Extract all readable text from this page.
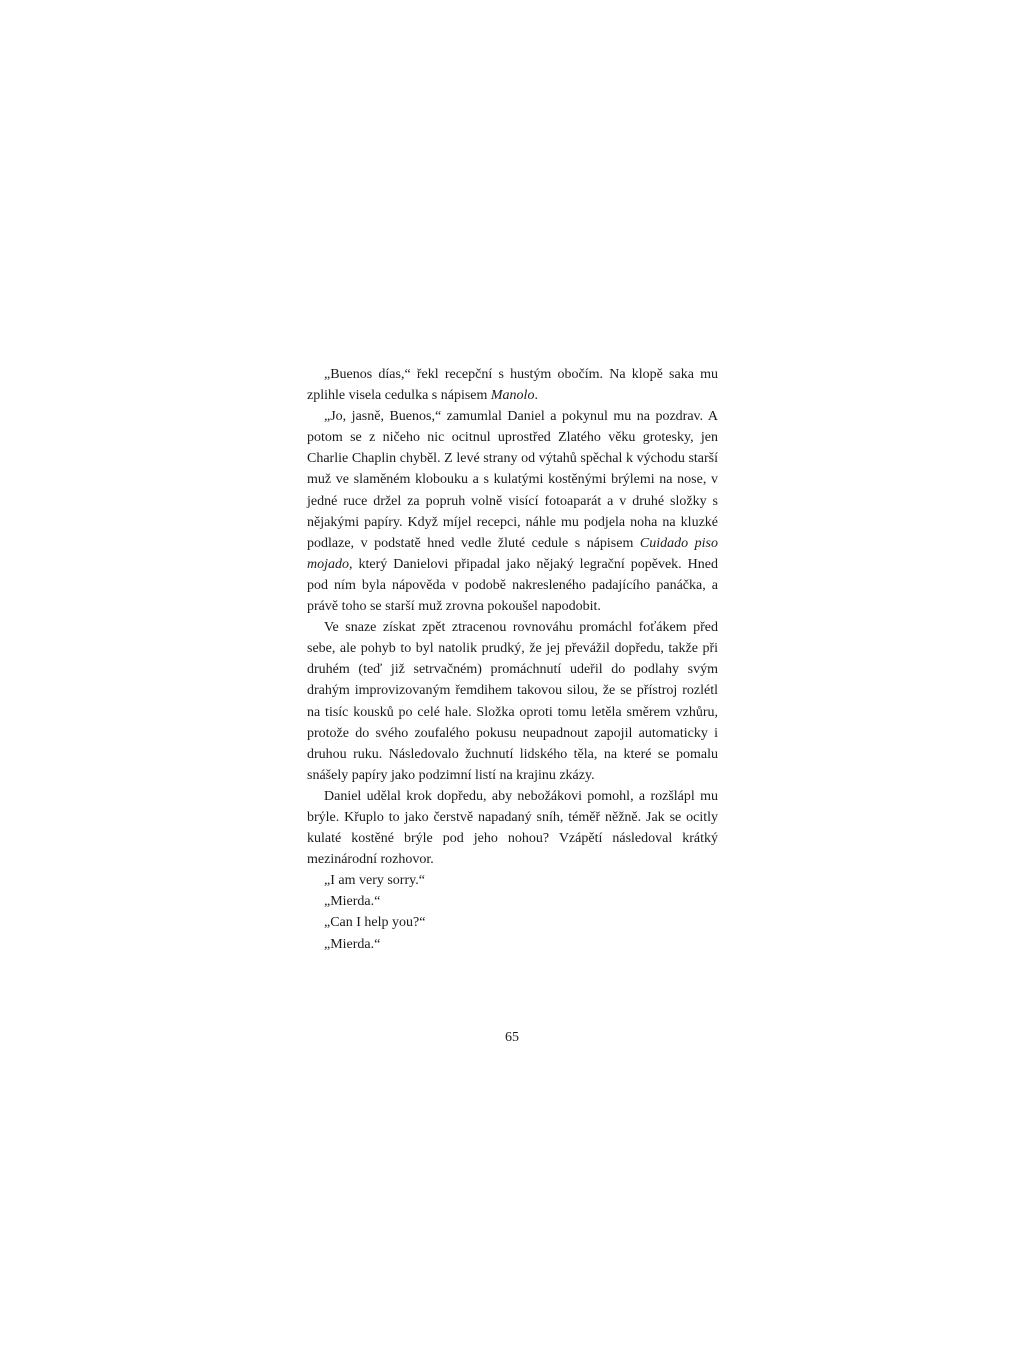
„Buenos días,“ řekl recepční s hustým obočím. Na klopě saka mu zplihle visela cedulka s nápisem Manolo.

„Jo, jasně, Buenos,“ zamumlal Daniel a pokynul mu na pozdrav. A potom se z ničeho nic ocitnul uprostřed Zlatého věku grotesky, jen Charlie Chaplin chyběl. Z levé strany od výtahů spěchal k východu starší muž ve slaměném klobouku a s kulatými kostěnými brýlemi na nose, v jedné ruce držel za popruh volně visící fotoaparát a v druhé složky s nějakými papíry. Když míjel recepci, náhle mu podjela noha na kluzké podlaze, v podstatě hned vedle žluté cedule s nápisem Cuidado piso mojado, který Danielovi připadal jako nějaký legrační popěvek. Hned pod ním byla nápověda v podobě nakresleného padajícího panáčka, a právě toho se starší muž zrovna pokoušel napodobit.

Ve snaze získat zpět ztracenou rovnováhu promáchl foťákem před sebe, ale pohyb to byl natolik prudký, že jej převážil dopředu, takže při druhém (teď již setrvačném) promáchnutí udeřil do podlahy svým drahým improvizovaným řemdihem takovou silou, že se přístroj rozlétl na tisíc kousků po celé hale. Složka oproti tomu letěla směrem vzhůru, protože do svého zoufalého pokusu neupadnout zapojil automaticky i druhou ruku. Následovalo žuchnutí lidského těla, na které se pomalu snášely papíry jako podzimní listí na krajinu zkázy.

Daniel udělal krok dopředu, aby nebožákovi pomohl, a rozšlápl mu brýle. Křuplo to jako čerstvě napadaný sníh, téměř něžně. Jak se ocitly kulaté kostěné brýle pod jeho nohou? Vzápětí následoval krátký mezinárodní rozhovor.

„I am very sorry.“

„Mierda.“

„Can I help you?“

„Mierda.“

65
